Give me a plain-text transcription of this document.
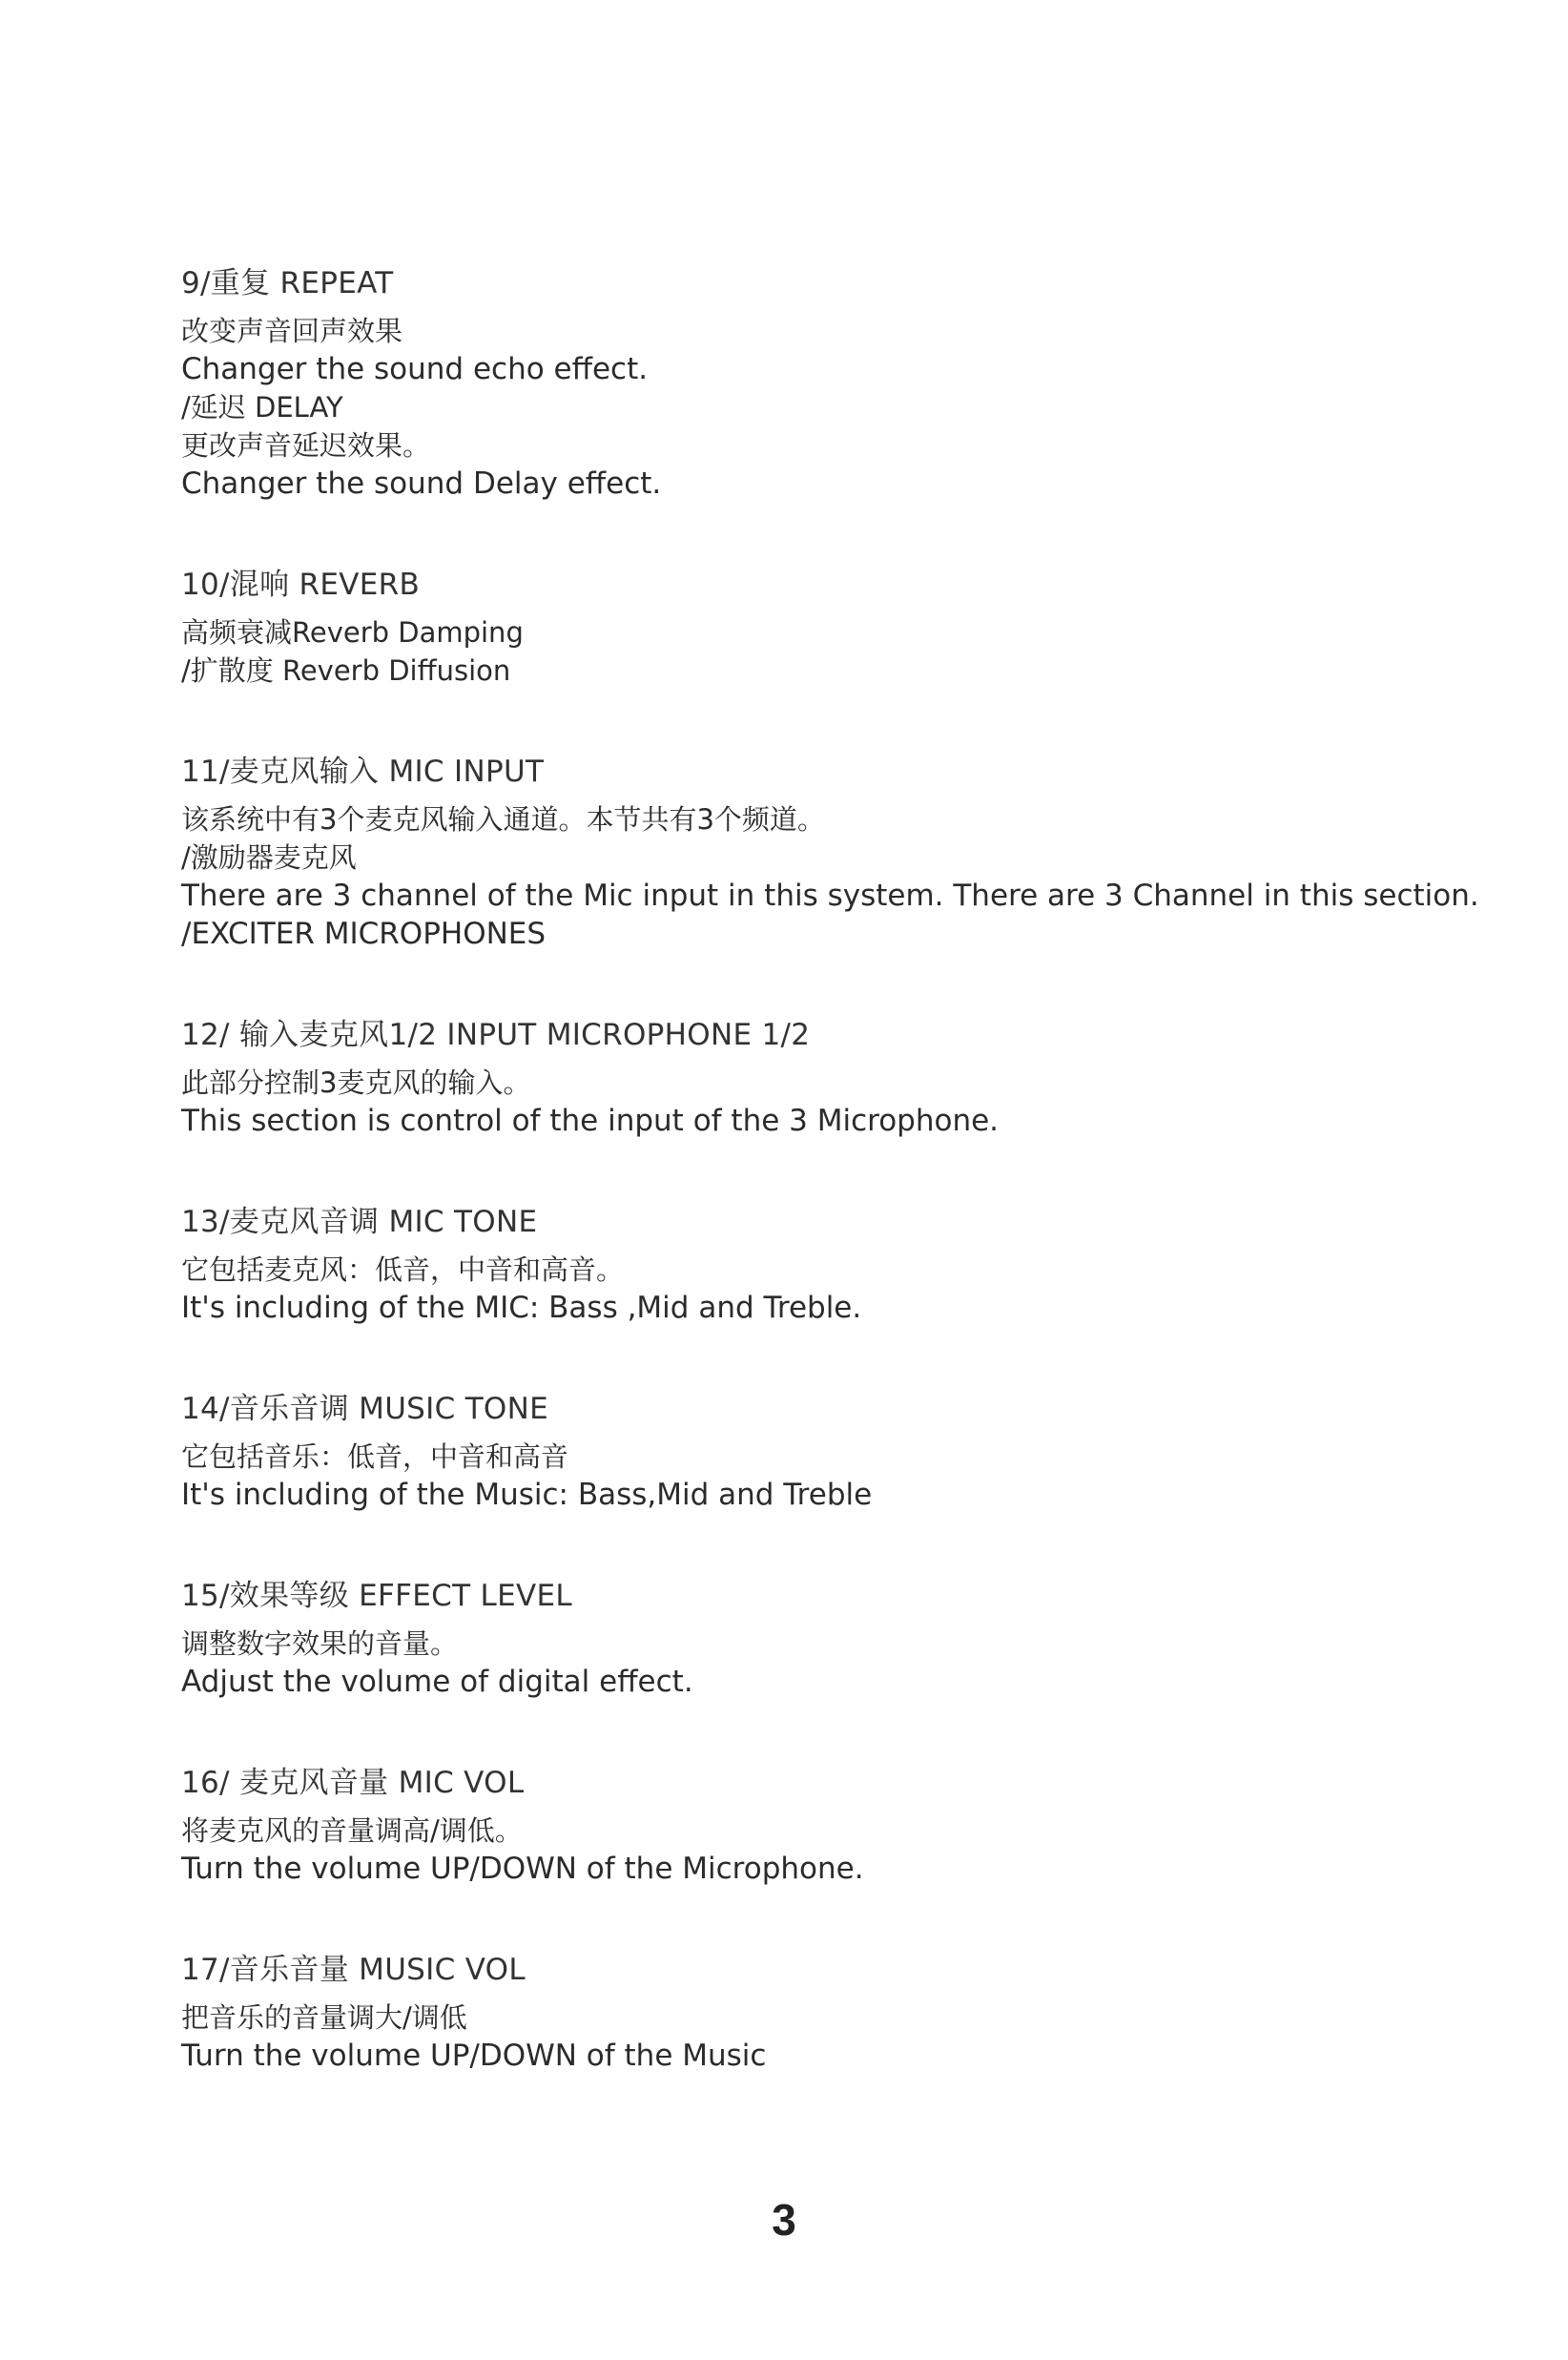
9/重复 REPEAT
改变声音回声效果
Changer the sound echo effect.
/延迟 DELAY
更改声音延迟效果。
Changer the sound Delay effect.
10/混响 REVERB
高频衰减Reverb Damping
/扩散度 Reverb Diffusion
11/麦克风输入 MIC INPUT
该系统中有3个麦克风输入通道。本节共有3个频道。
/激励器麦克风
There are 3 channel of the Mic input in this system. There are 3 Channel in this section.
/EXCITER MICROPHONES
12/ 输入麦克风1/2 INPUT MICROPHONE 1/2
此部分控制3麦克风的输入。
This section is control of the input of the 3 Microphone.
13/麦克风音调 MIC TONE
它包括麦克风：低音，中音和高音。
It's including of the MIC: Bass ,Mid and Treble.
14/音乐音调 MUSIC TONE
它包括音乐：低音，中音和高音
It's including of the Music: Bass,Mid and Treble
15/效果等级 EFFECT LEVEL
调整数字效果的音量。
Adjust the volume of digital effect.
16/ 麦克风音量 MIC VOL
将麦克风的音量调高/调低。
Turn the volume UP/DOWN of the Microphone.
17/音乐音量 MUSIC VOL
把音乐的音量调大/调低
Turn the volume UP/DOWN of the Music
3
